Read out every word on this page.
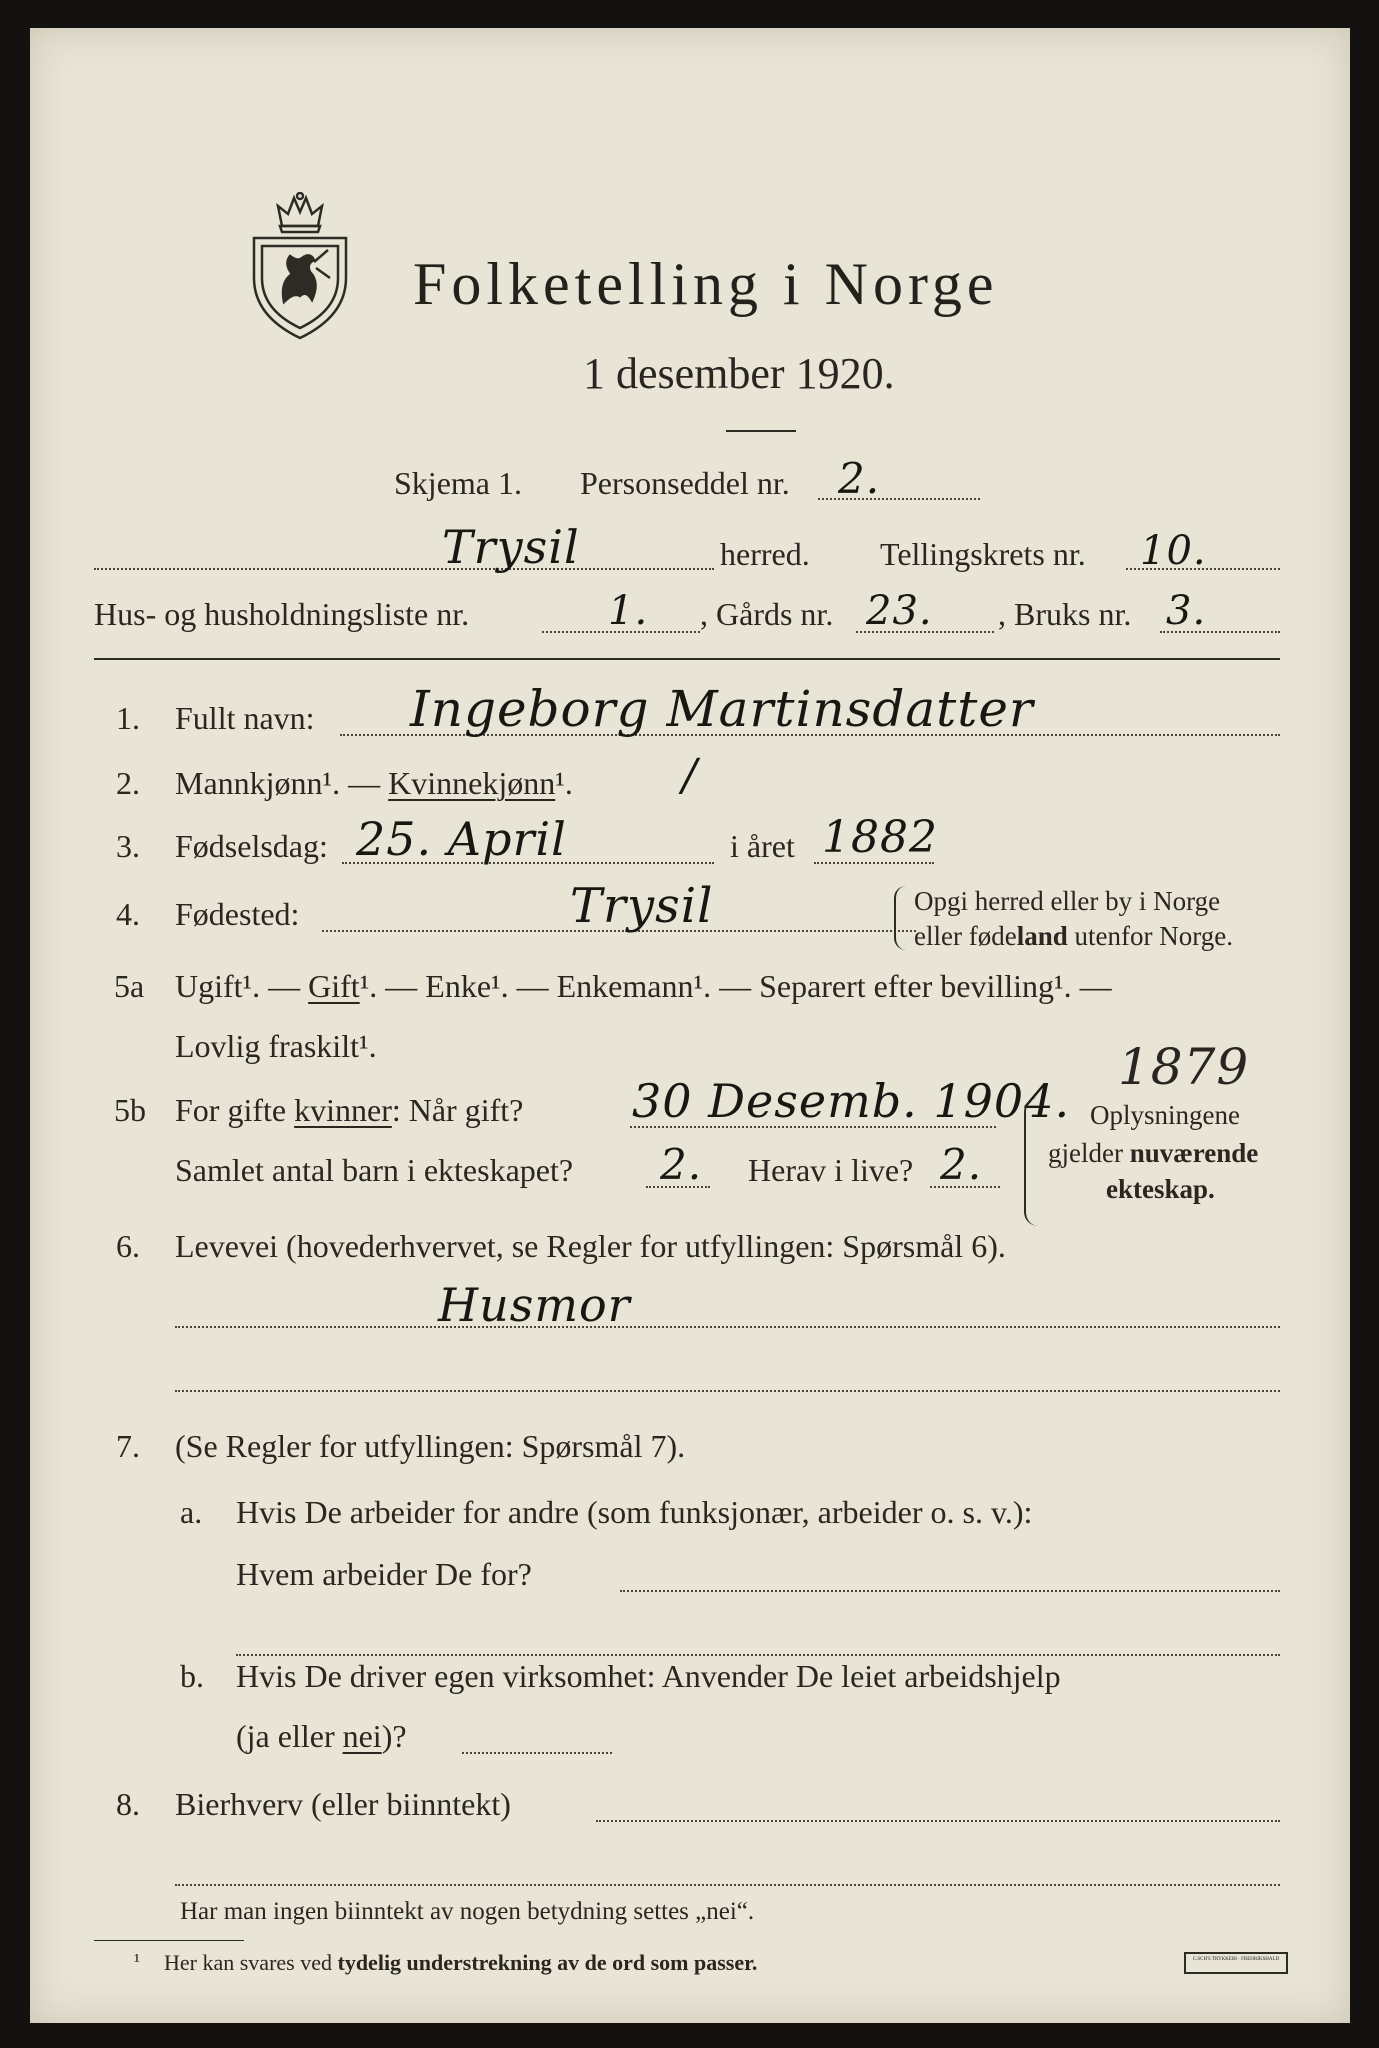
Folketelling i Norge
1 desember 1920.
Skjema 1. Personseddel nr. 2.
Trysil	herred. Tellingskrets nr. 10.
Hus- og husholdningsliste nr.	1. , Gårds nr. 23. , Bruks nr. 3.
1. Fullt navn: Ingeborg Martinsdatter
2. Mannkjønn¹. — Kvinnekjønn¹. /
3. Fødselsdag: 25. April	i året 1882
4. Fødested:	Trysil	Opgi herred eller by i Norge
eller fødeland utenfor Norge.
5a Ugift¹. — Gift¹. — Enke¹. — Enkemann¹. — Separert efter bevilling¹. —
Lovlig fraskilt¹.	1879
5b For gifte kvinner: Når gift? 30 Desemb. 1904.
Samlet antal barn i ekteskapet? 2. Herav i live? 2.
Oplysningene
gjelder nuværende
ekteskap.
6. Levevei (hovederhvervet, se Regler for utfyllingen: Spørsmål 6).
Husmor
7. (Se Regler for utfyllingen: Spørsmål 7).
a. Hvis De arbeider for andre (som funksjonær, arbeider o. s. v.):
Hvem arbeider De for?
b. Hvis De driver egen virksomhet: Anvender De leiet arbeidshjelp
(ja eller nei)?
8. Bierhverv (eller biinntekt)
Har man ingen biinntekt av nogen betydning settes „nei“.
¹ Her kan svares ved tydelig understrekning av de ord som passer.	C.SCH'S TRYKKERI · FREDRIKSHALD
